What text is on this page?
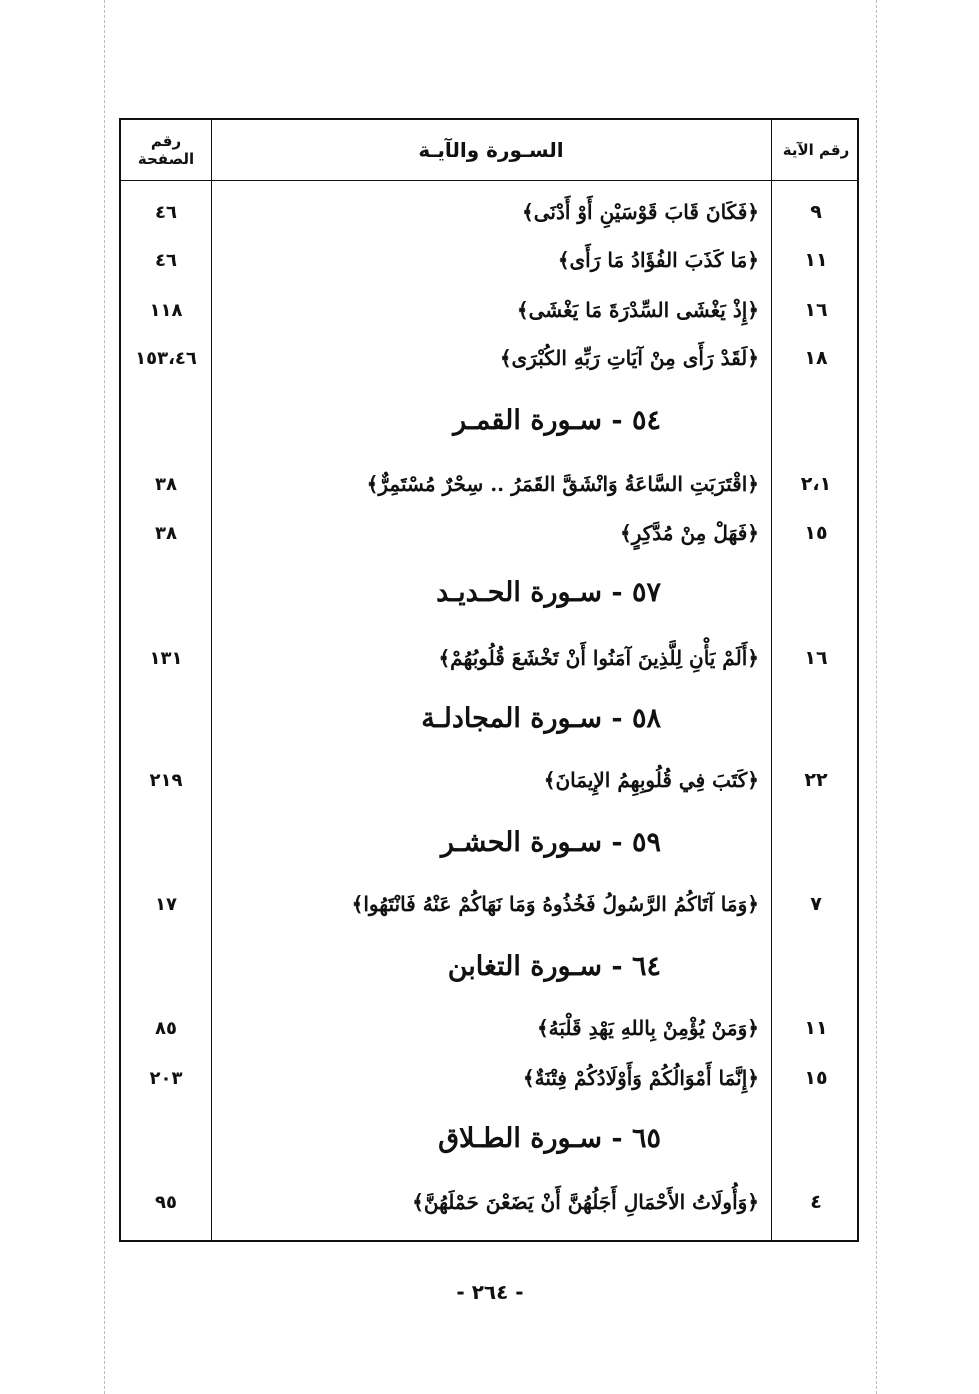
رقم الصفحة	السـورة والآيـة	رقم الآية
٩
﴿فَكَانَ قَابَ قَوْسَيْنِ أَوْ أَدْنَى﴾
٤٦
١١
﴿مَا كَذَبَ الفُؤَادُ مَا رَأَى﴾
٤٦
١٦
﴿إِذْ يَغْشَى السِّدْرَةَ مَا يَغْشَى﴾
١١٨
١٨
﴿لَقَدْ رَأَى مِنْ آيَاتِ رَبِّهِ الكُبْرَى﴾
١٥٣،٤٦
٥٤ - سـورة القمـر
٢،١
﴿اقْتَرَبَتِ السَّاعَةُ وَانْشَقَّ القَمَرُ .. سِحْرٌ مُسْتَمِرٌّ﴾
٣٨
١٥
﴿فَهَلْ مِنْ مُدَّكِرٍ﴾
٣٨
٥٧ - سـورة الحـديـد
١٦
﴿أَلَمْ يَأْنِ لِلَّذِينَ آمَنُوا أَنْ تَخْشَعَ قُلُوبُهُمْ﴾
١٣١
٥٨ - سـورة المجادلـة
٢٢
﴿كَتَبَ فِي قُلُوبِهِمُ الإِيمَانَ﴾
٢١٩
٥٩ - سـورة الحشـر
٧
﴿وَمَا آتَاكُمُ الرَّسُولُ فَخُذُوهُ وَمَا نَهَاكُمْ عَنْهُ فَانْتَهُوا﴾
١٧
٦٤ - سـورة التغابن
١١
﴿وَمَنْ يُؤْمِنْ بِاللهِ يَهْدِ قَلْبَهُ﴾
٨٥
١٥
﴿إِنَّمَا أَمْوَالُكُمْ وَأَوْلَادُكُمْ فِتْنَةٌ﴾
٢٠٣
٦٥ - سـورة الطـلاق
٤
﴿وَأُولَاتُ الأَحْمَالِ أَجَلُهُنَّ أَنْ يَضَعْنَ حَمْلَهُنَّ﴾
٩٥
- ٢٦٤ -
